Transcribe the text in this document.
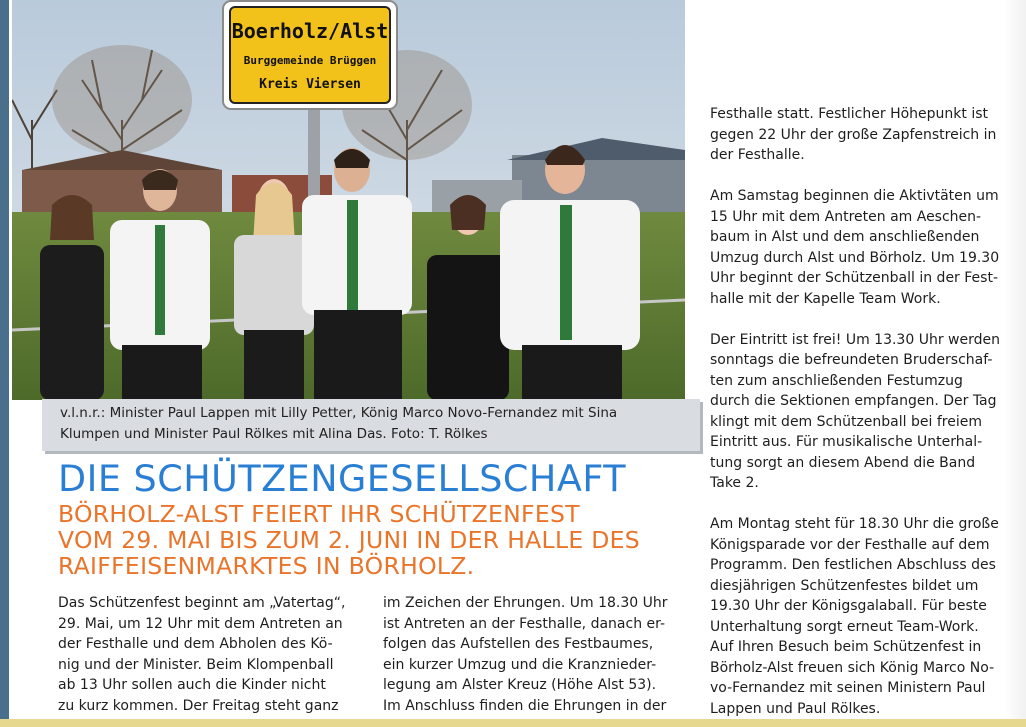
Boerholz/Alst
Burggemeinde Brüggen
Kreis Viersen
v.l.n.r.: Minister Paul Lappen mit Lilly Petter, König Marco Novo-Fernandez mit Sina
Klumpen und Minister Paul Rölkes mit Alina Das. Foto: T. Rölkes
DIE SCHÜTZENGESELLSCHAFT
BÖRHOLZ-ALST FEIERT IHR SCHÜTZENFEST
VOM 29. MAI BIS ZUM 2. JUNI IN DER HALLE DES
RAIFFEISENMARKTES IN BÖRHOLZ.
Das Schützenfest beginnt am „Vatertag“,
29. Mai, um 12 Uhr mit dem Antreten an
der Festhalle und dem Abholen des Kö-
nig und der Minister. Beim Klompenball
ab 13 Uhr sollen auch die Kinder nicht
zu kurz kommen. Der Freitag steht ganz
im Zeichen der Ehrungen. Um 18.30 Uhr
ist Antreten an der Festhalle, danach er-
folgen das Aufstellen des Festbaumes,
ein kurzer Umzug und die Kranznieder-
legung am Alster Kreuz (Höhe Alst 53).
Im Anschluss finden die Ehrungen in der

Festhalle statt. Festlicher Höhepunkt ist
gegen 22 Uhr der große Zapfenstreich in
der Festhalle.

Am Samstag beginnen die Aktivtäten um
15 Uhr mit dem Antreten am Aeschen-
baum in Alst und dem anschließenden
Umzug durch Alst und Börholz. Um 19.30
Uhr beginnt der Schützenball in der Fest-
halle mit der Kapelle Team Work.

Der Eintritt ist frei! Um 13.30 Uhr werden
sonntags die befreundeten Bruderschaf-
ten zum anschließenden Festumzug
durch die Sektionen empfangen. Der Tag
klingt mit dem Schützenball bei freiem
Eintritt aus. Für musikalische Unterhal-
tung sorgt an diesem Abend die Band
Take 2.

Am Montag steht für 18.30 Uhr die große
Königsparade vor der Festhalle auf dem
Programm. Den festlichen Abschluss des
diesjährigen Schützenfestes bildet um
19.30 Uhr der Königsgalaball. Für beste
Unterhaltung sorgt erneut Team-Work.
Auf Ihren Besuch beim Schützenfest in
Börholz-Alst freuen sich König Marco No-
vo-Fernandez mit seinen Ministern Paul
Lappen und Paul Rölkes.
